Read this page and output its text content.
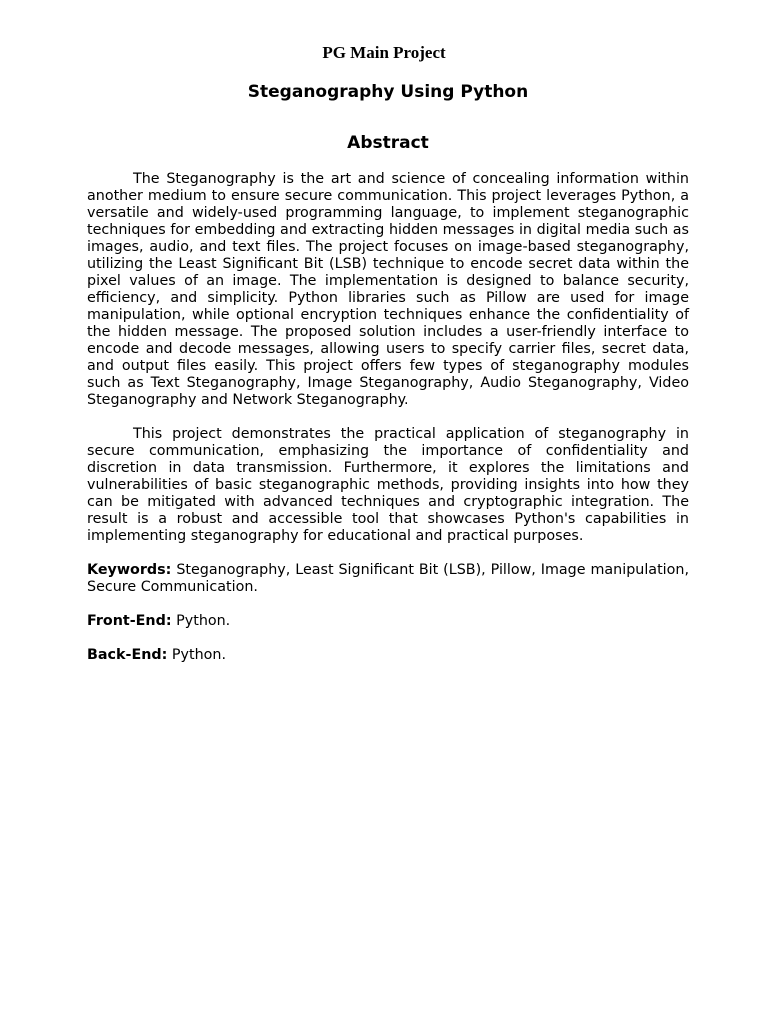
PG Main Project
Steganography Using Python
Abstract

The Steganography is the art and science of concealing information within another medium to ensure secure communication. This project leverages Python, a versatile and widely-used programming language, to implement steganographic techniques for embedding and extracting hidden messages in digital media such as images, audio, and text files. The project focuses on image-based steganography, utilizing the Least Significant Bit (LSB) technique to encode secret data within the pixel values of an image. The implementation is designed to balance security, efficiency, and simplicity. Python libraries such as Pillow are used for image manipulation, while optional encryption techniques enhance the confidentiality of the hidden message. The proposed solution includes a user-friendly interface to encode and decode messages, allowing users to specify carrier files, secret data, and output files easily. This project offers few types of steganography modules such as Text Steganography, Image Steganography, Audio Steganography, Video Steganography and Network Steganography.

This project demonstrates the practical application of steganography in secure communication, emphasizing the importance of confidentiality and discretion in data transmission. Furthermore, it explores the limitations and vulnerabilities of basic steganographic methods, providing insights into how they can be mitigated with advanced techniques and cryptographic integration. The result is a robust and accessible tool that showcases Python's capabilities in implementing steganography for educational and practical purposes.

Keywords: Steganography, Least Significant Bit (LSB), Pillow, Image manipulation, Secure Communication.

Front-End: Python.

Back-End: Python.
